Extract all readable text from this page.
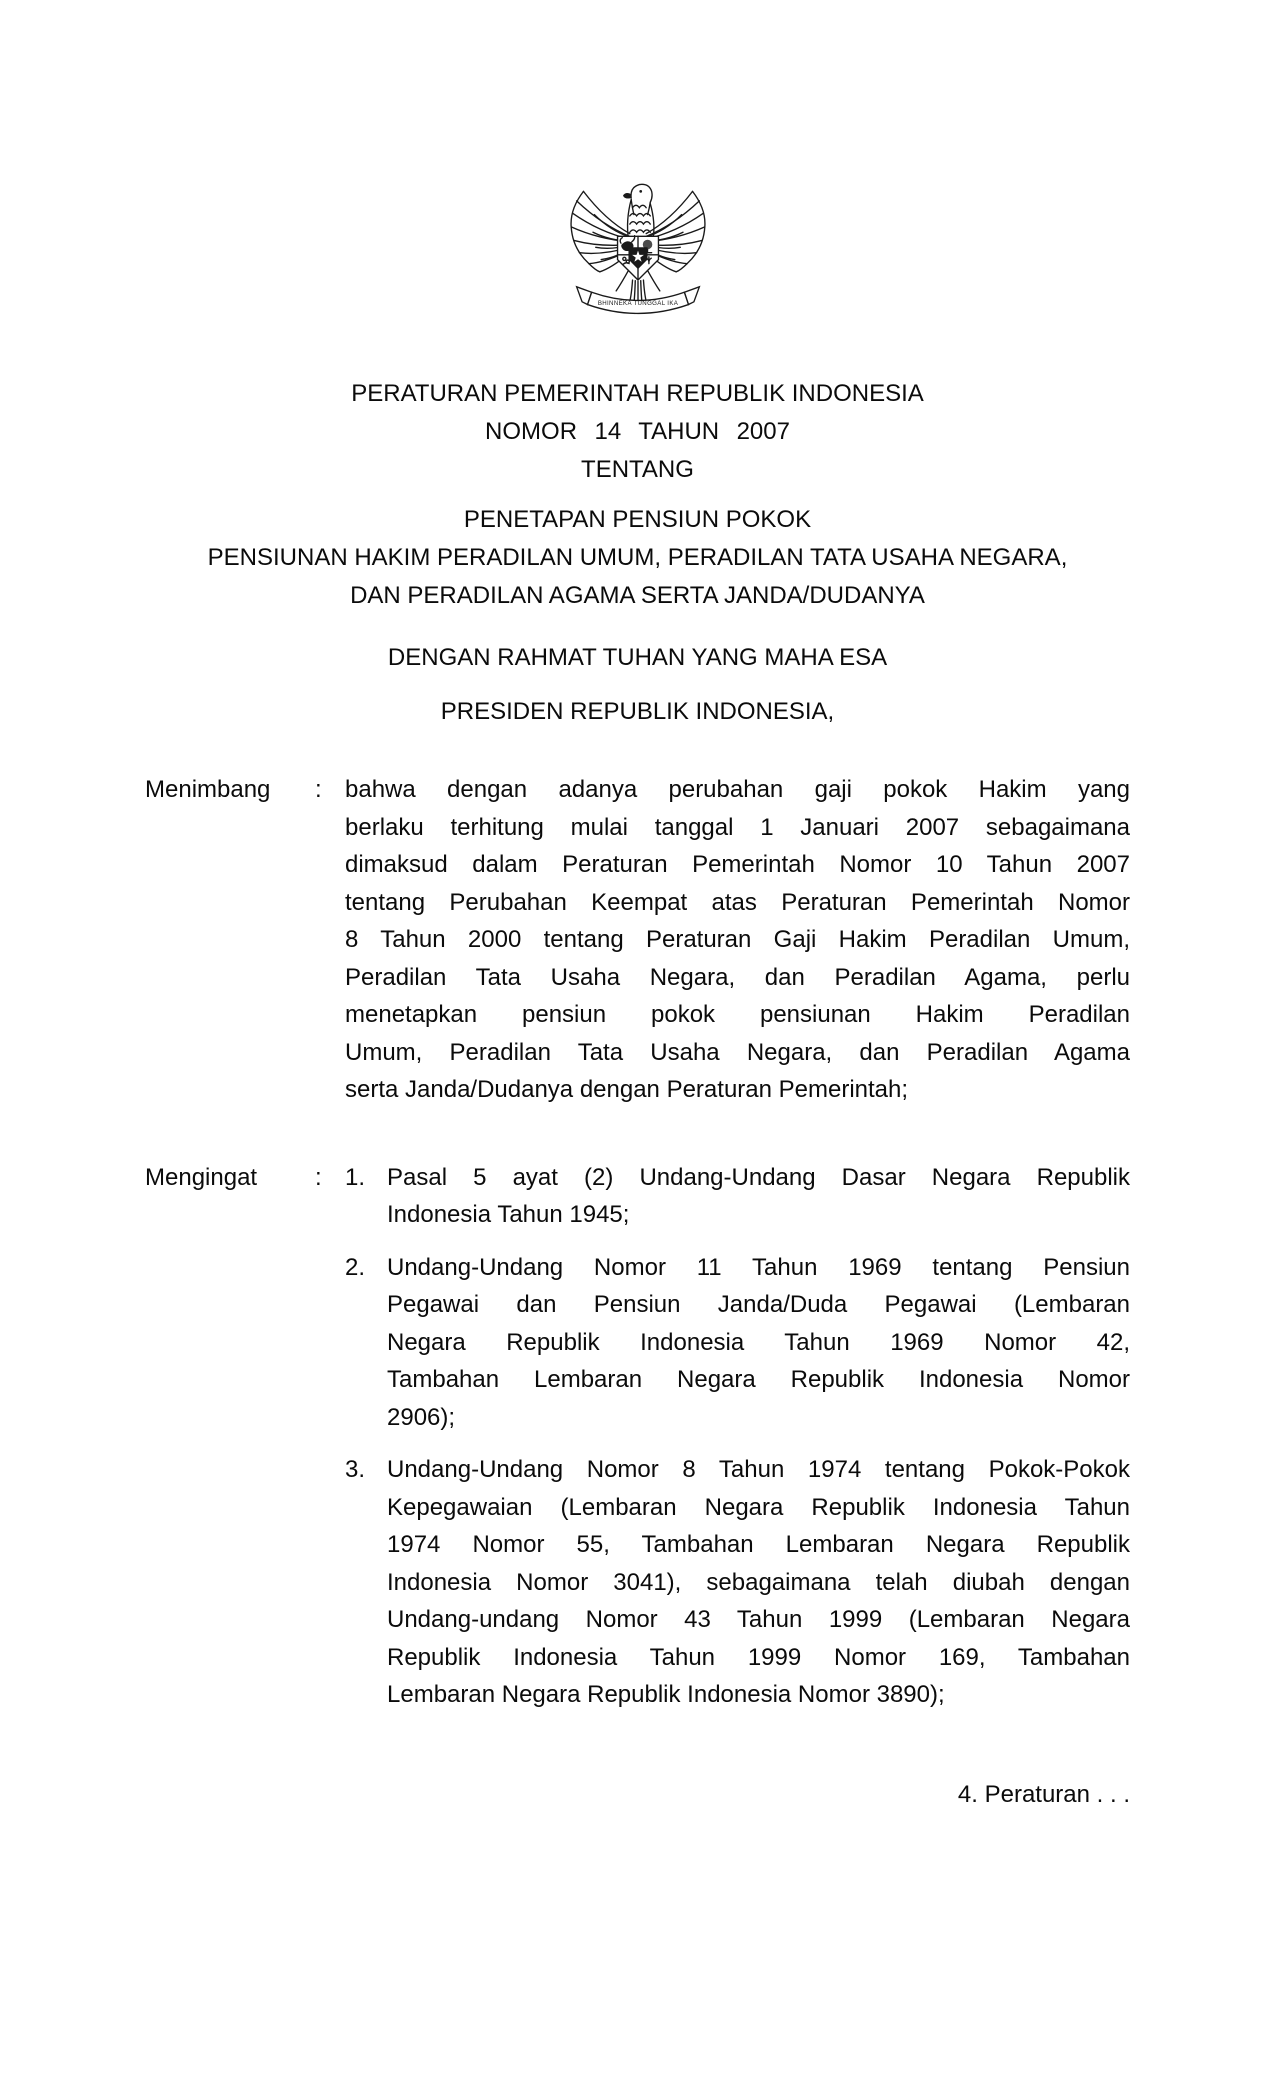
BHINNEKA TUNGGAL IKA
PERATURAN PEMERINTAH REPUBLIK INDONESIA
NOMOR 14 TAHUN 2007
TENTANG
PENETAPAN PENSIUN POKOK
PENSIUNAN HAKIM PERADILAN UMUM, PERADILAN TATA USAHA NEGARA,
DAN PERADILAN AGAMA SERTA JANDA/DUDANYA
DENGAN RAHMAT TUHAN YANG MAHA ESA
PRESIDEN REPUBLIK INDONESIA,
Menimbang	: bahwa dengan adanya perubahan gaji pokok Hakim yang
berlaku terhitung mulai tanggal 1 Januari 2007 sebagaimana
dimaksud dalam Peraturan Pemerintah Nomor 10 Tahun 2007
tentang Perubahan Keempat atas Peraturan Pemerintah Nomor
8 Tahun 2000 tentang Peraturan Gaji Hakim Peradilan Umum,
Peradilan Tata Usaha Negara, dan Peradilan Agama, perlu
menetapkan pensiun pokok pensiunan Hakim Peradilan
Umum, Peradilan Tata Usaha Negara, dan Peradilan Agama
serta Janda/Dudanya dengan Peraturan Pemerintah;
Mengingat	: 1. Pasal 5 ayat (2) Undang-Undang Dasar Negara Republik
Indonesia Tahun 1945;
2. Undang-Undang Nomor 11 Tahun 1969 tentang Pensiun
Pegawai dan Pensiun Janda/Duda Pegawai (Lembaran
Negara Republik Indonesia Tahun 1969 Nomor 42,
Tambahan Lembaran Negara Republik Indonesia Nomor
2906);
3. Undang-Undang Nomor 8 Tahun 1974 tentang Pokok-Pokok
Kepegawaian (Lembaran Negara Republik Indonesia Tahun
1974 Nomor 55, Tambahan Lembaran Negara Republik
Indonesia Nomor 3041), sebagaimana telah diubah dengan
Undang-undang Nomor 43 Tahun 1999 (Lembaran Negara
Republik Indonesia Tahun 1999 Nomor 169, Tambahan
Lembaran Negara Republik Indonesia Nomor 3890);
4. Peraturan . . .
